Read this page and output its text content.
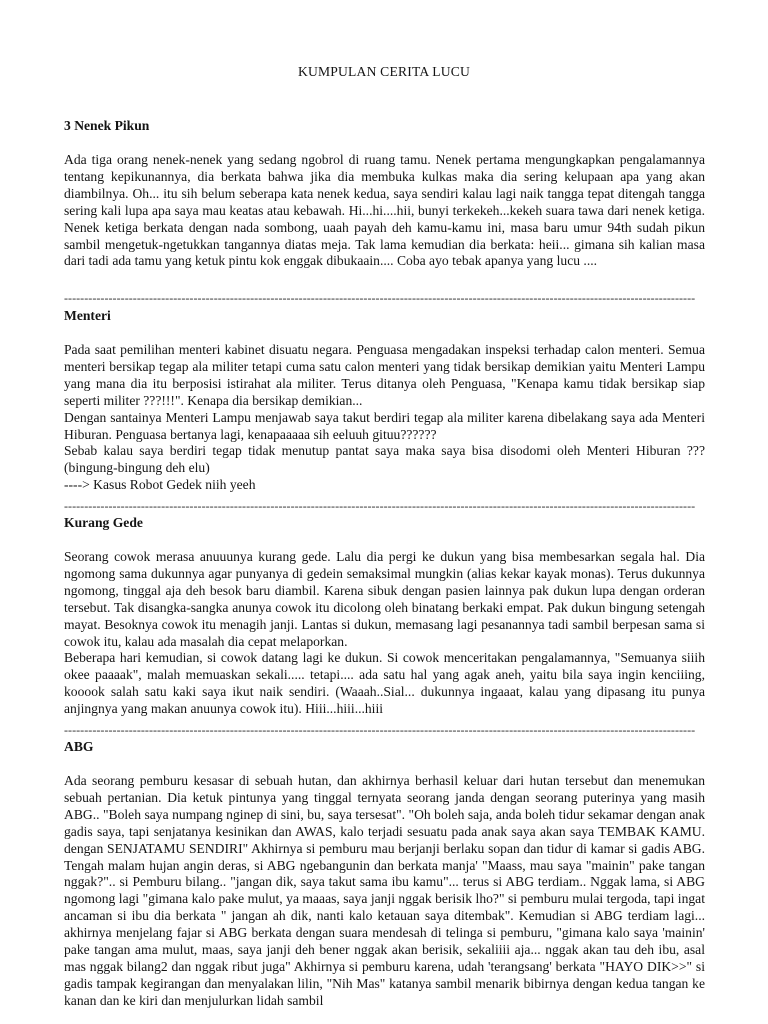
KUMPULAN CERITA LUCU
3 Nenek Pikun

Ada tiga orang nenek-nenek yang sedang ngobrol di ruang tamu. Nenek pertama mengungkapkan pengalamannya tentang kepikunannya, dia berkata bahwa jika dia membuka kulkas maka dia sering kelupaan apa yang akan diambilnya. Oh... itu sih belum seberapa kata nenek kedua, saya sendiri kalau lagi naik tangga tepat ditengah tangga sering kali lupa apa saya mau keatas atau kebawah. Hi...hi....hii, bunyi terkekeh...kekeh suara tawa dari nenek ketiga. Nenek ketiga berkata dengan nada sombong, uaah payah deh kamu-kamu ini, masa baru umur 94th sudah pikun sambil mengetuk-ngetukkan tangannya diatas meja. Tak lama kemudian dia berkata: heii... gimana sih kalian masa dari tadi ada tamu yang ketuk pintu kok enggak dibukaain.... Coba ayo tebak apanya yang lucu ....

------------------------------------------------------------------------------------------------------------------------------------------------------------
Menteri

Pada saat pemilihan menteri kabinet disuatu negara. Penguasa mengadakan inspeksi terhadap calon menteri. Semua menteri bersikap tegap ala militer tetapi cuma satu calon menteri yang tidak bersikap demikian yaitu Menteri Lampu yang mana dia itu berposisi istirahat ala militer. Terus ditanya oleh Penguasa, "Kenapa kamu tidak bersikap siap seperti militer ???!!!". Kenapa dia bersikap demikian...

Dengan santainya Menteri Lampu menjawab saya takut berdiri tegap ala militer karena dibelakang saya ada Menteri Hiburan. Penguasa bertanya lagi, kenapaaaaa sih eeluuh gituu??????

Sebab kalau saya berdiri tegap tidak menutup pantat saya maka saya bisa disodomi oleh Menteri Hiburan ??? (bingung-bingung deh elu)

----> Kasus Robot Gedek niih yeeh

------------------------------------------------------------------------------------------------------------------------------------------------------------
Kurang Gede

Seorang cowok merasa anuuunya kurang gede. Lalu dia pergi ke dukun yang bisa membesarkan segala hal. Dia ngomong sama dukunnya agar punyanya di gedein semaksimal mungkin (alias kekar kayak monas). Terus dukunnya ngomong, tinggal aja deh besok baru diambil. Karena sibuk dengan pasien lainnya pak dukun lupa dengan orderan tersebut. Tak disangka-sangka anunya cowok itu dicolong oleh binatang berkaki empat. Pak dukun bingung setengah mayat. Besoknya cowok itu menagih janji. Lantas si dukun, memasang lagi pesanannya tadi sambil berpesan sama si cowok itu, kalau ada masalah dia cepat melaporkan.

Beberapa hari kemudian, si cowok datang lagi ke dukun. Si cowok menceritakan pengalamannya, "Semuanya siiih okee paaaak", malah memuaskan sekali..... tetapi.... ada satu hal yang agak aneh, yaitu bila saya ingin kenciiing, kooook salah satu kaki saya ikut naik sendiri. (Waaah..Sial... dukunnya ingaaat, kalau yang dipasang itu punya anjingnya yang makan anuunya cowok itu). Hiii...hiii...hiii

------------------------------------------------------------------------------------------------------------------------------------------------------------
ABG

Ada seorang pemburu kesasar di sebuah hutan, dan akhirnya berhasil keluar dari hutan tersebut dan menemukan sebuah pertanian. Dia ketuk pintunya yang tinggal ternyata seorang janda dengan seorang puterinya yang masih ABG.. "Boleh saya numpang nginep di sini, bu, saya tersesat". "Oh boleh saja, anda boleh tidur sekamar dengan anak gadis saya, tapi senjatanya kesinikan dan AWAS, kalo terjadi sesuatu pada anak saya akan saya TEMBAK KAMU. dengan SENJATAMU SENDIRI" Akhirnya si pemburu mau berjanji berlaku sopan dan tidur di kamar si gadis ABG. Tengah malam hujan angin deras, si ABG ngebangunin dan berkata manja' "Maass, mau saya "mainin" pake tangan nggak?".. si Pemburu bilang.. "jangan dik, saya takut sama ibu kamu"... terus si ABG terdiam.. Nggak lama, si ABG ngomong lagi "gimana kalo pake mulut, ya maaas, saya janji nggak berisik lho?" si pemburu mulai tergoda, tapi ingat ancaman si ibu dia berkata " jangan ah dik, nanti kalo ketauan saya ditembak". Kemudian si ABG terdiam lagi... akhirnya menjelang fajar si ABG berkata dengan suara mendesah di telinga si pemburu, "gimana kalo saya 'mainin' pake tangan ama mulut, maas, saya janji deh bener nggak akan berisik, sekaliiii aja... nggak akan tau deh ibu, asal mas nggak bilang2 dan nggak ribut juga" Akhirnya si pemburu karena, udah 'terangsang' berkata "HAYO DIK>>" si gadis tampak kegirangan dan menyalakan lilin, "Nih Mas" katanya sambil menarik bibirnya dengan kedua tangan ke kanan dan ke kiri dan menjulurkan lidah sambil
